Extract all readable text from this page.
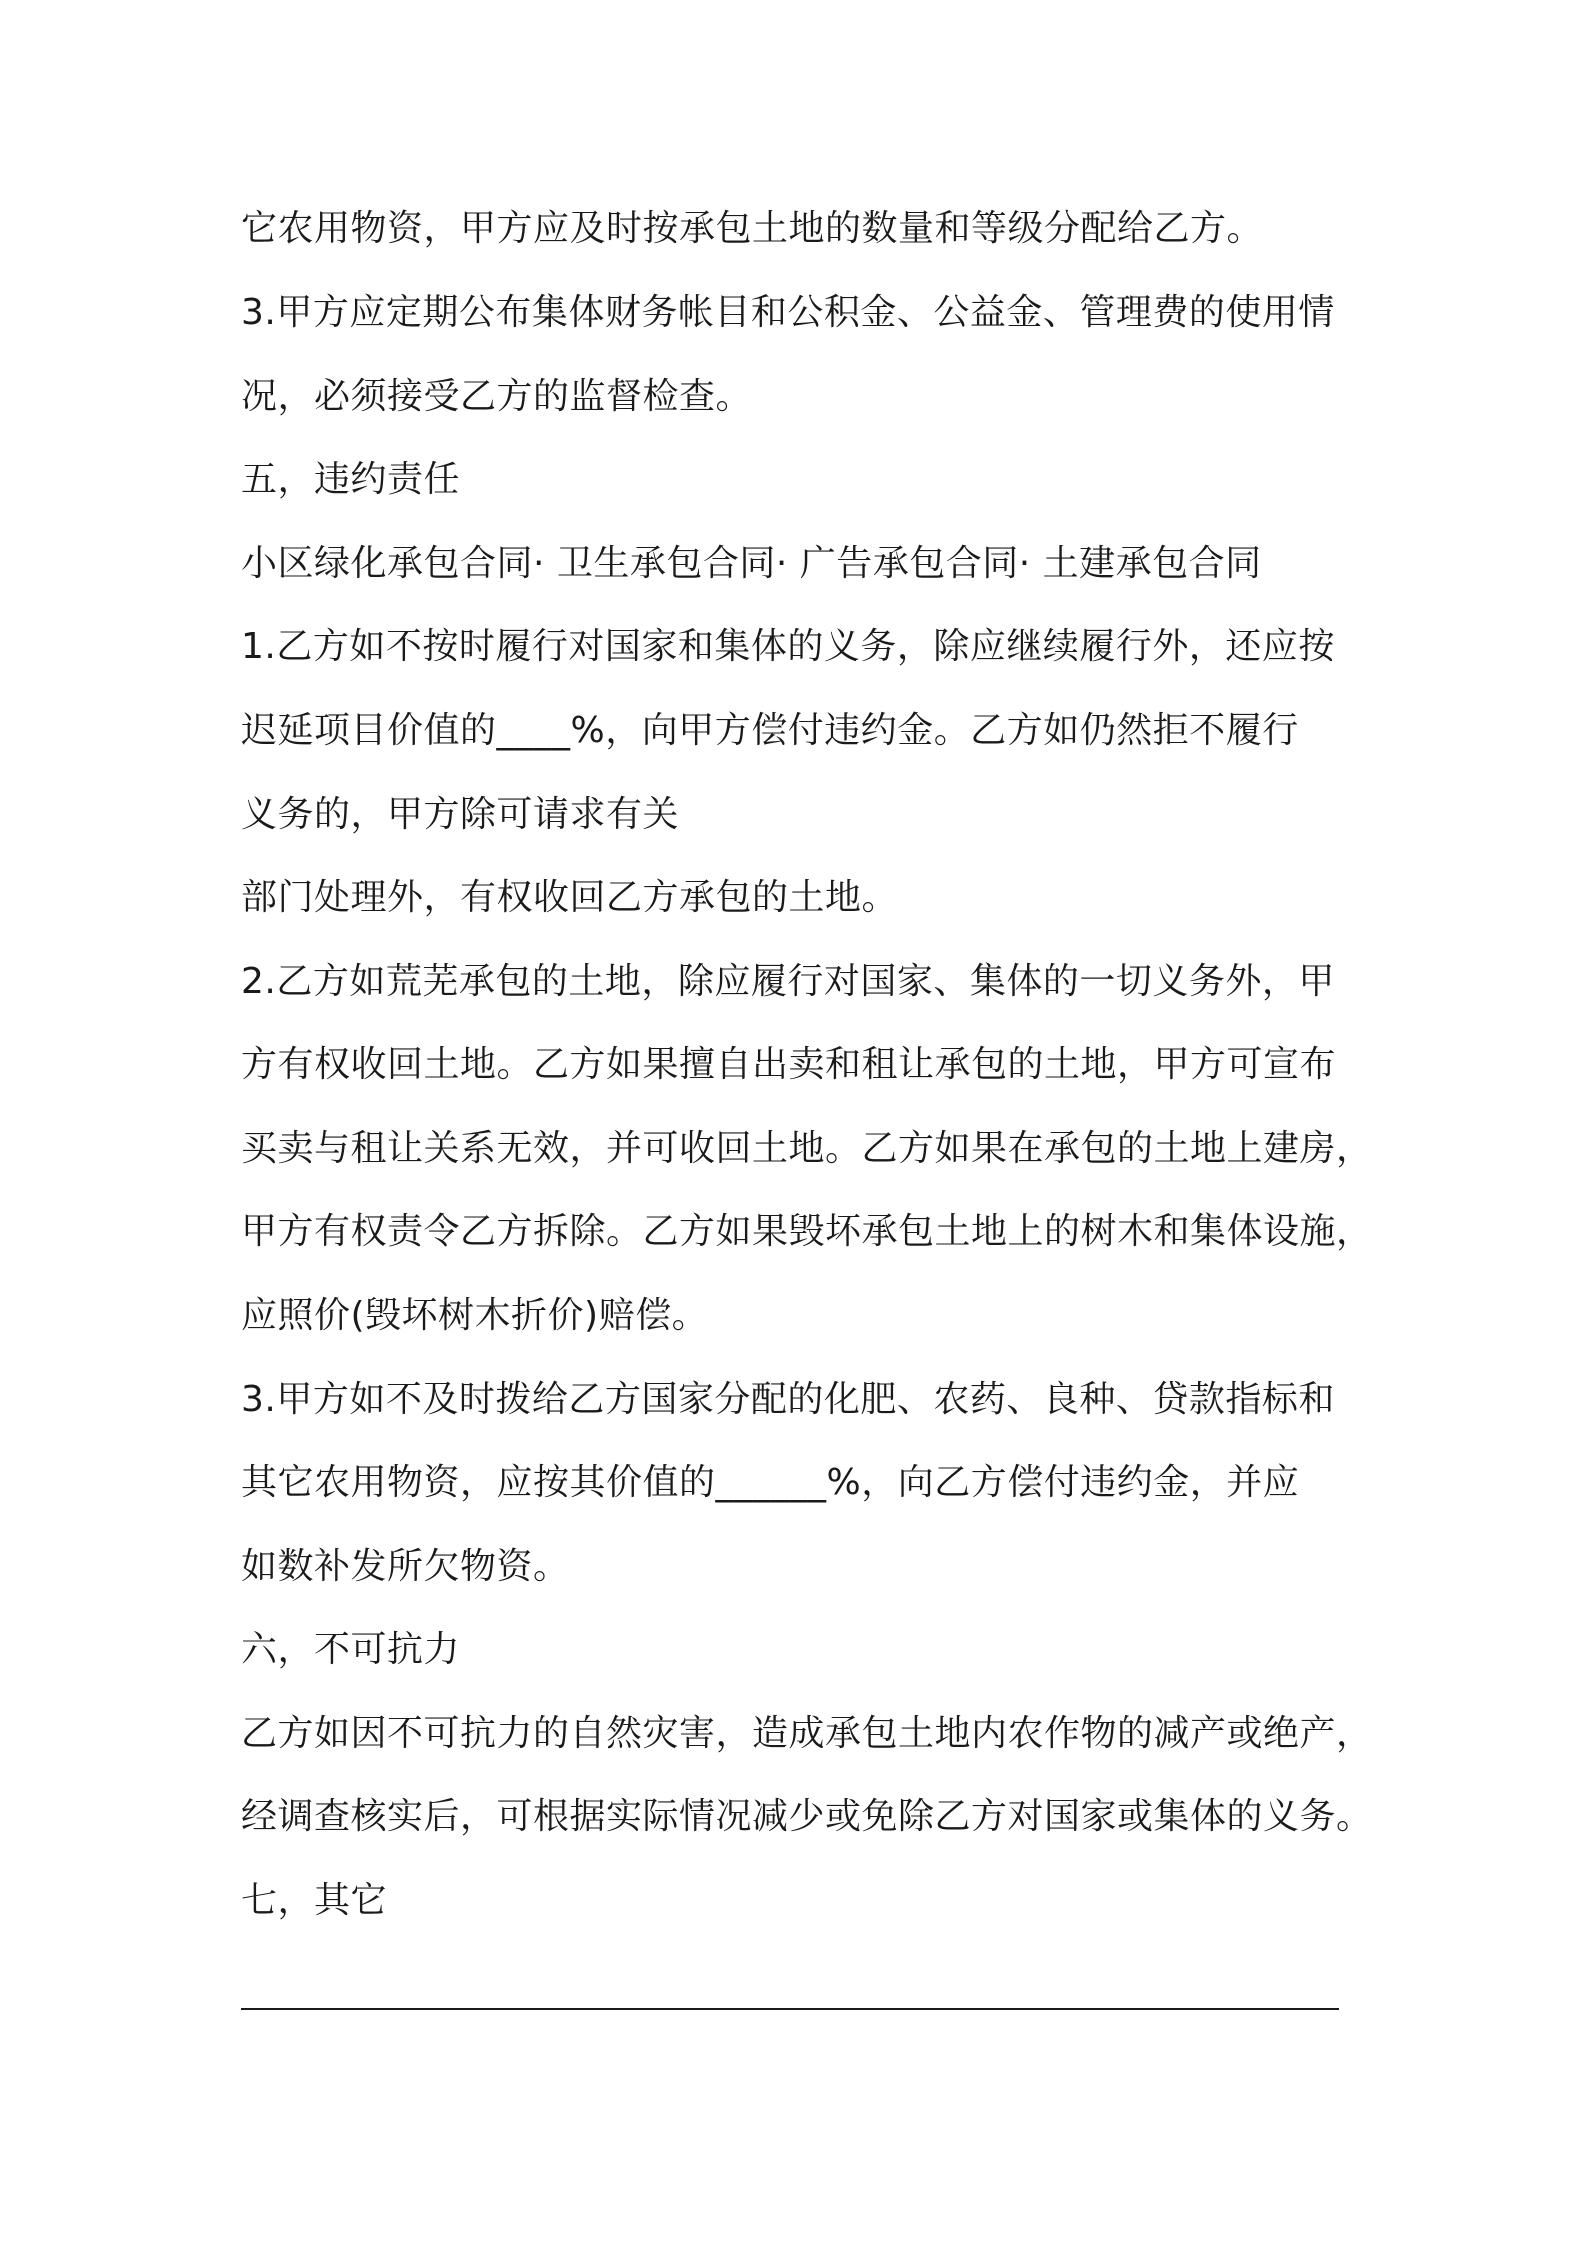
它农用物资，甲方应及时按承包土地的数量和等级分配给乙方。
3.甲方应定期公布集体财务帐目和公积金、公益金、管理费的使用情
况，必须接受乙方的监督检查。
五，违约责任
小区绿化承包合同· 卫生承包合同· 广告承包合同· 土建承包合同
1.乙方如不按时履行对国家和集体的义务，除应继续履行外，还应按
迟延项目价值的____%，向甲方偿付违约金。乙方如仍然拒不履行
义务的，甲方除可请求有关
部门处理外，有权收回乙方承包的土地。
2.乙方如荒芜承包的土地，除应履行对国家、集体的一切义务外，甲
方有权收回土地。乙方如果擅自出卖和租让承包的土地，甲方可宣布
买卖与租让关系无效，并可收回土地。乙方如果在承包的土地上建房，
甲方有权责令乙方拆除。乙方如果毁坏承包土地上的树木和集体设施，
应照价(毁坏树木折价)赔偿。
3.甲方如不及时拨给乙方国家分配的化肥、农药、良种、贷款指标和
其它农用物资，应按其价值的______%，向乙方偿付违约金，并应
如数补发所欠物资。
六，不可抗力
乙方如因不可抗力的自然灾害，造成承包土地内农作物的减产或绝产，
经调查核实后，可根据实际情况减少或免除乙方对国家或集体的义务。
七，其它
